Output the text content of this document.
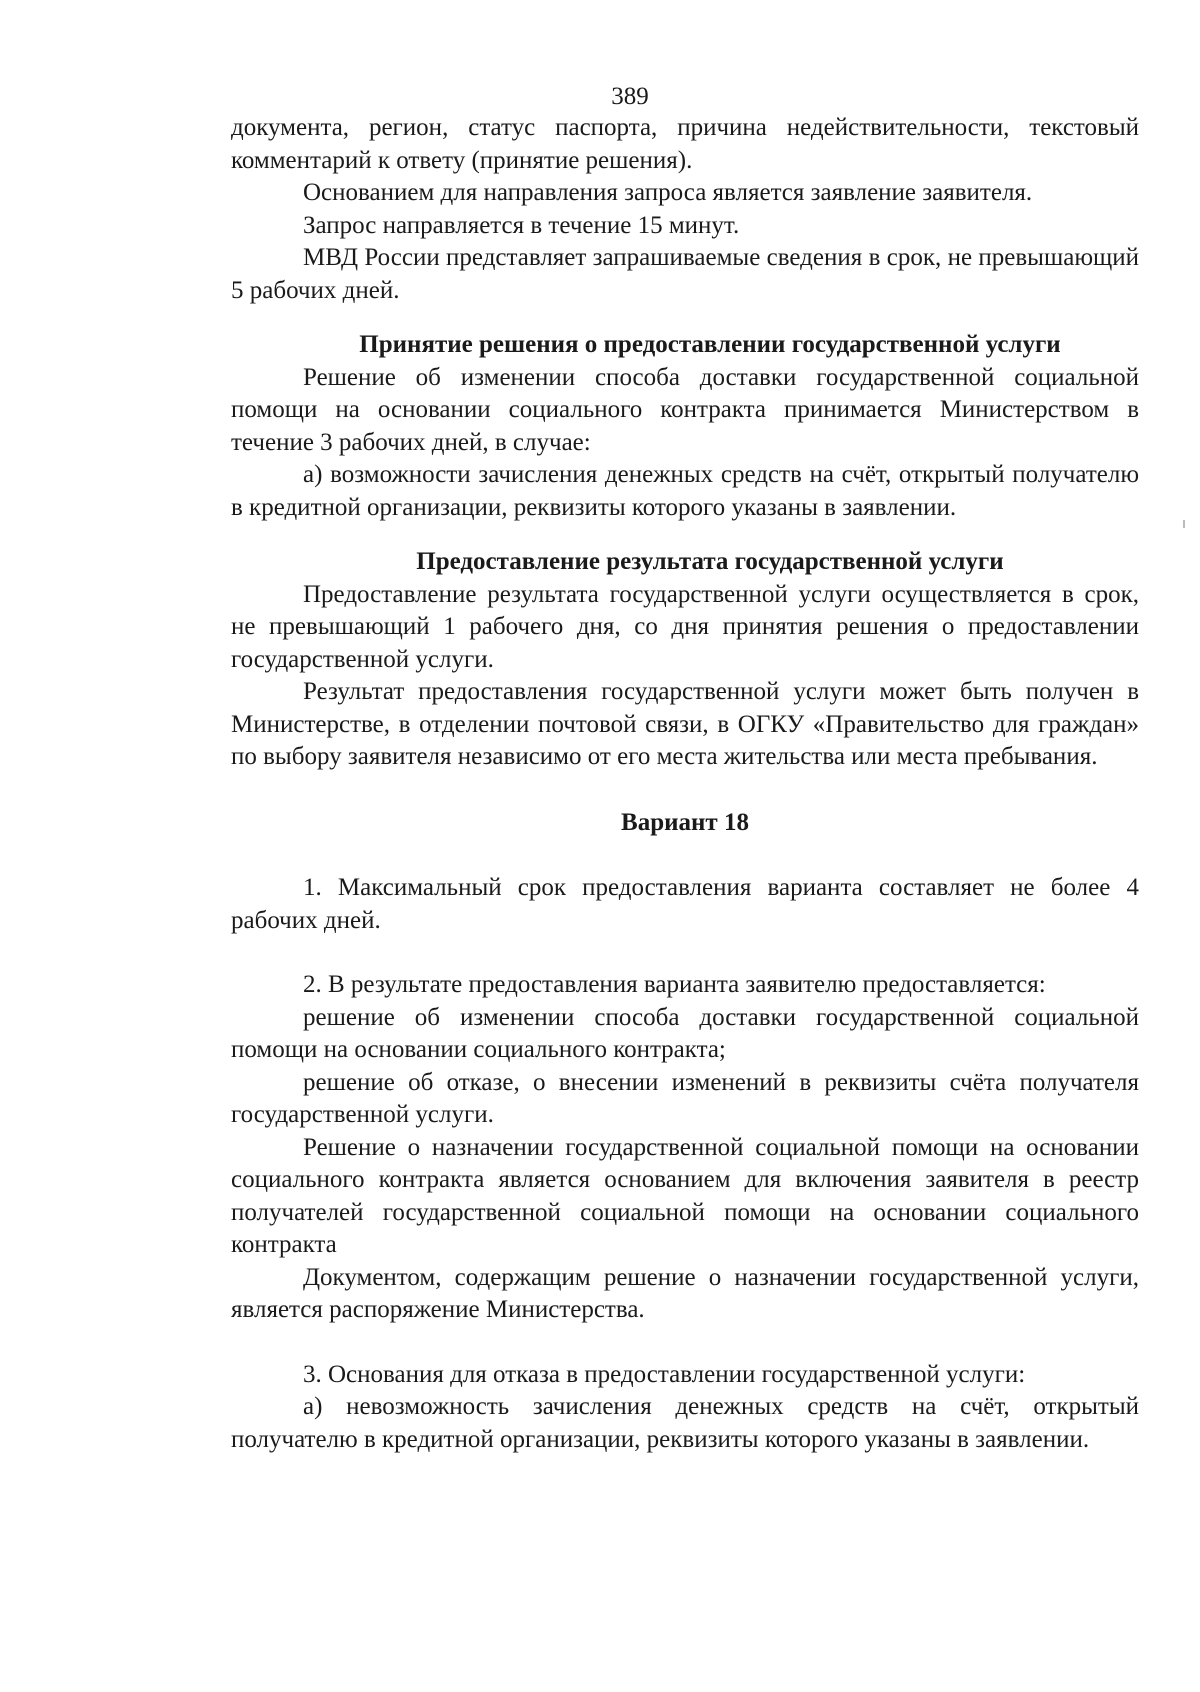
389

документа, регион, статус паспорта, причина недействительности, текстовый комментарий к ответу (принятие решения).

Основанием для направления запроса является заявление заявителя.

Запрос направляется в течение 15 минут.

МВД России представляет запрашиваемые сведения в срок, не превышающий 5 рабочих дней.

Принятие решения о предоставлении государственной услуги

Решение об изменении способа доставки государственной социальной помощи на основании социального контракта принимается Министерством в течение 3 рабочих дней, в случае:

а) возможности зачисления денежных средств на счёт, открытый получателю в кредитной организации, реквизиты которого указаны в заявлении.

Предоставление результата государственной услуги

Предоставление результата государственной услуги осуществляется в срок, не превышающий 1 рабочего дня, со дня принятия решения о предоставлении государственной услуги.

Результат предоставления государственной услуги может быть получен в Министерстве, в отделении почтовой связи, в ОГКУ «Правительство для граждан» по выбору заявителя независимо от его места жительства или места пребывания.

Вариант 18

1. Максимальный срок предоставления варианта составляет не более 4 рабочих дней.

2. В результате предоставления варианта заявителю предоставляется:

решение об изменении способа доставки государственной социальной помощи на основании социального контракта;

решение об отказе, о внесении изменений в реквизиты счёта получателя государственной услуги.

Решение о назначении государственной социальной помощи на основании социального контракта является основанием для включения заявителя в реестр получателей государственной социальной помощи на основании социального контракта

Документом, содержащим решение о назначении государственной услуги, является распоряжение Министерства.

3. Основания для отказа в предоставлении государственной услуги:

а) невозможность зачисления денежных средств на счёт, открытый получателю в кредитной организации, реквизиты которого указаны в заявлении.
